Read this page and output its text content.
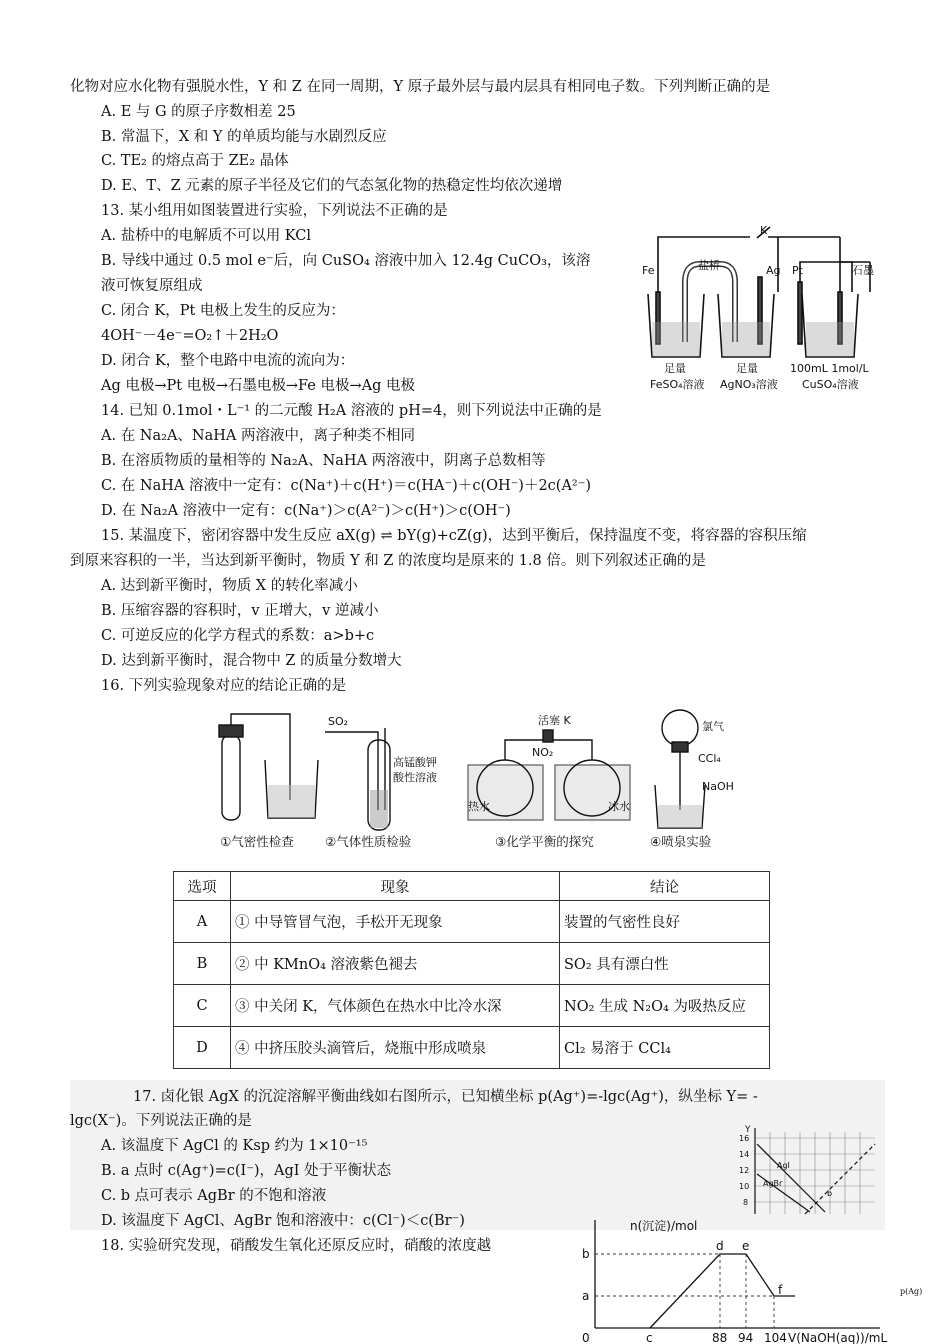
化物对应水化物有强脱水性，Y 和 Z 在同一周期，Y 原子最外层与最内层具有相同电子数。下列判断正确的是
A. E 与 G 的原子序数相差 25
B. 常温下，X 和 Y 的单质均能与水剧烈反应
C. TE₂ 的熔点高于 ZE₂ 晶体
D. E、T、Z 元素的原子半径及它们的气态氢化物的热稳定性均依次递增
13. 某小组用如图装置进行实验，下列说法不正确的是
A. 盐桥中的电解质不可以用 KCl
B. 导线中通过 0.5 mol e⁻后，向 CuSO₄ 溶液中加入 12.4g CuCO₃，该溶
液可恢复原组成
C. 闭合 K，Pt 电极上发生的反应为：
4OH⁻－4e⁻=O₂↑＋2H₂O
D. 闭合 K，整个电路中电流的流向为：
Ag 电极→Pt 电极→石墨电极→Fe 电极→Ag 电极
14. 已知 0.1mol・L⁻¹ 的二元酸 H₂A 溶液的 pH=4，则下列说法中正确的是
A. 在 Na₂A、NaHA 两溶液中，离子种类不相同
B. 在溶质物质的量相等的 Na₂A、NaHA 两溶液中，阴离子总数相等
C. 在 NaHA 溶液中一定有：c(Na⁺)＋c(H⁺)＝c(HA⁻)＋c(OH⁻)＋2c(A²⁻)
D. 在 Na₂A 溶液中一定有：c(Na⁺)＞c(A²⁻)＞c(H⁺)＞c(OH⁻)
15. 某温度下，密闭容器中发生反应 aX(g) ⇌ bY(g)+cZ(g)，达到平衡后，保持温度不变，将容器的容积压缩
到原来容积的一半，当达到新平衡时，物质 Y 和 Z 的浓度均是原来的 1.8 倍。则下列叙述正确的是
A. 达到新平衡时，物质 X 的转化率减小
B. 压缩容器的容积时，v 正增大，v 逆减小
C. 可逆反应的化学方程式的系数：a>b+c
D. 达到新平衡时，混合物中 Z 的质量分数增大
16. 下列实验现象对应的结论正确的是
K
Fe	盐桥	Ag Pt	石墨
足量
FeSO₄溶液
足量
AgNO₃溶液
100mL 1mol/L
CuSO₄溶液
SO₂
高锰酸钾
酸性溶液
活塞 K
NO₂
热水	冰水
氯气
CCl₄
NaOH
①气密性检查	②气体性质检验	③化学平衡的探究	④喷泉实验
选项	现象	结论
A	① 中导管冒气泡，手松开无现象	装置的气密性良好
B	② 中 KMnO₄ 溶液紫色褪去	SO₂ 具有漂白性
C	③ 中关闭 K，气体颜色在热水中比冷水深	NO₂ 生成 N₂O₄ 为吸热反应
D	④ 中挤压胶头滴管后，烧瓶中形成喷泉	Cl₂ 易溶于 CCl₄
17. 卤化银 AgX 的沉淀溶解平衡曲线如右图所示，已知横坐标 p(Ag⁺)=-lgc(Ag⁺)，纵坐标 Y= -
lgc(X⁻)。下列说法正确的是
A. 该温度下 AgCl 的 Ksp 约为 1×10⁻¹⁵
B. a 点时 c(Ag⁺)=c(I⁻)，AgI 处于平衡状态
C. b 点可表示 AgBr 的不饱和溶液
D. 该温度下 AgCl、AgBr 饱和溶液中：c(Cl⁻)＜c(Br⁻)
Y
16
14
12
10
8
AgI
AgBr
b
p(Ag)
18. 实验研究发现，硝酸发生氧化还原反应时，硝酸的浓度越
n(沉淀)/mol
b
a
0	c	88 94 104 V(NaOH(aq))/mL
d e
f
